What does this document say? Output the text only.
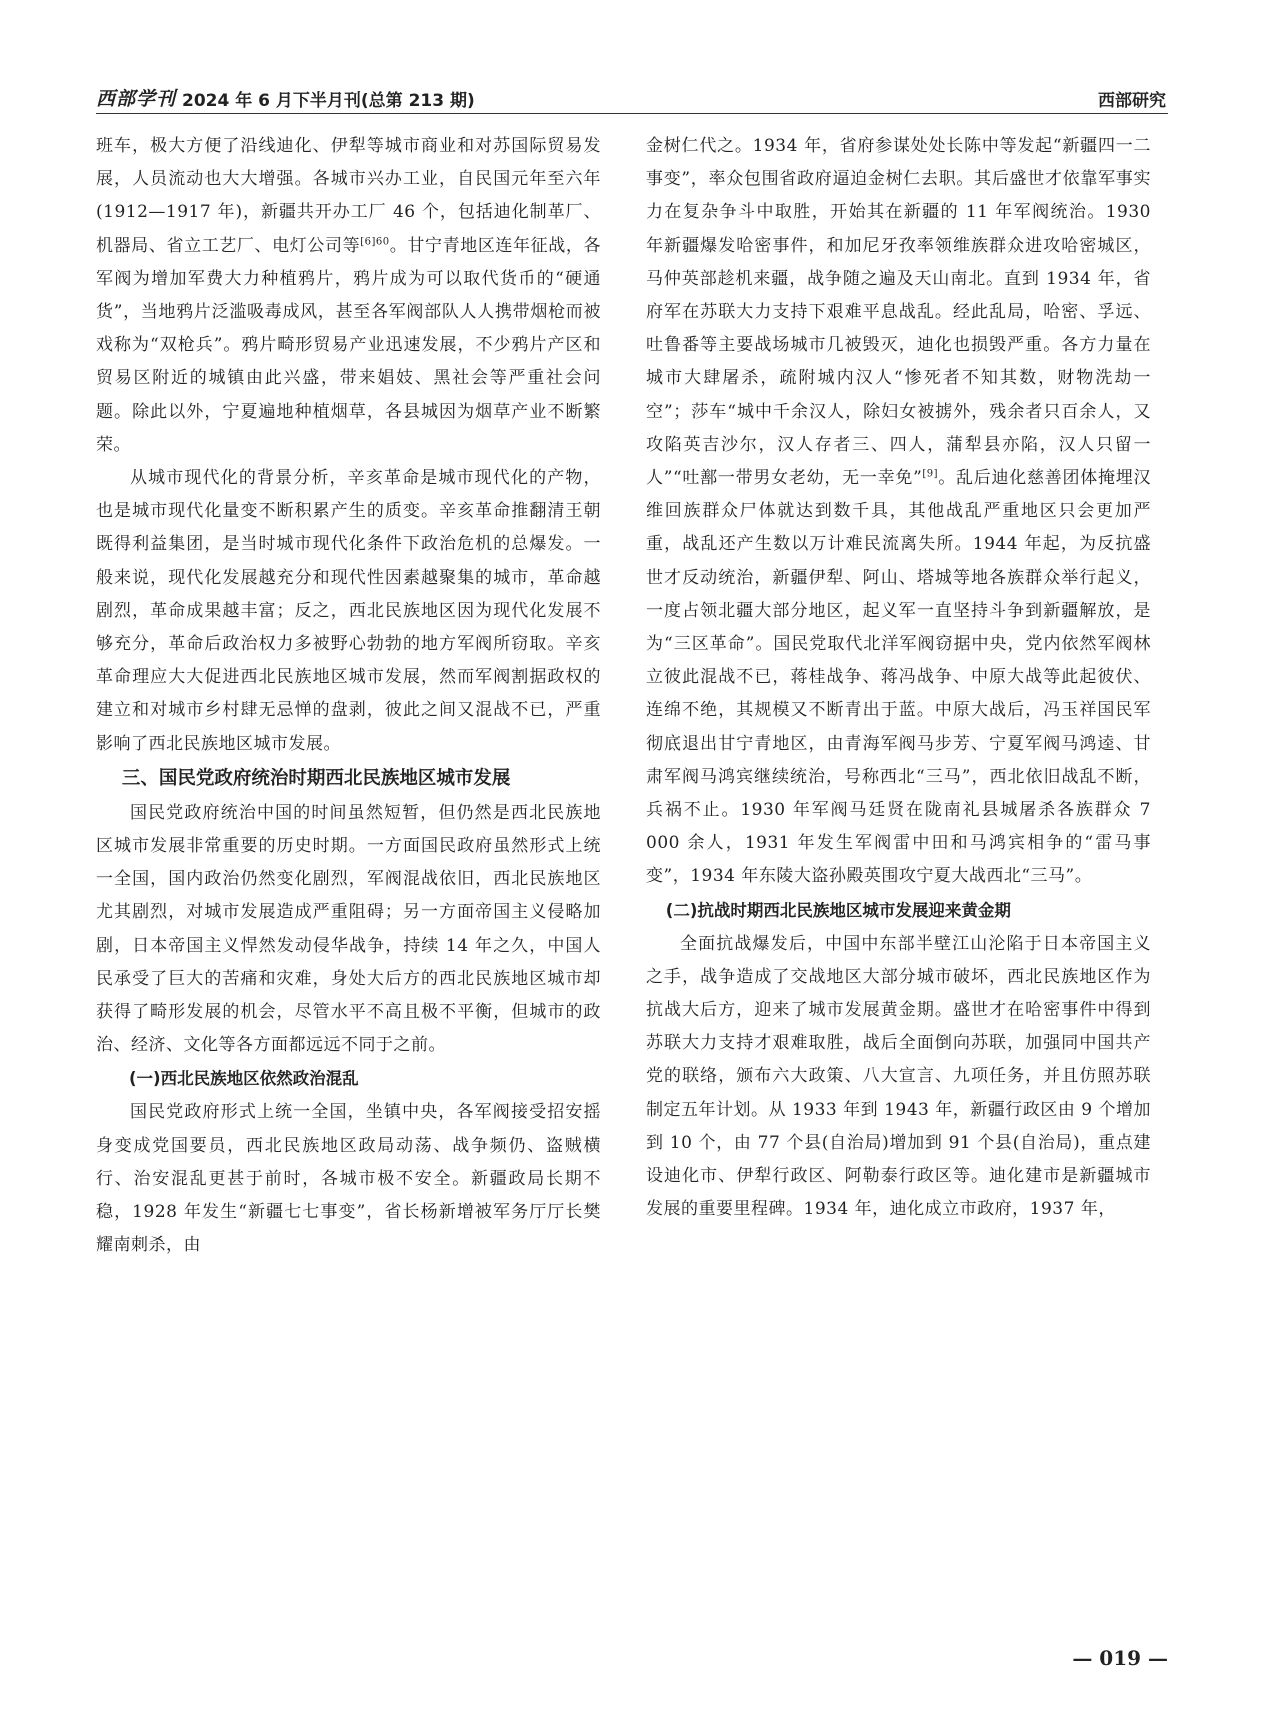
西部学刊 2024 年 6 月下半月刊(总第 213 期)	西部研究

班车，极大方便了沿线迪化、伊犁等城市商业和对苏国际贸易发展，人员流动也大大增强。各城市兴办工业，自民国元年至六年(1912—1917 年)，新疆共开办工厂 46 个，包括迪化制革厂、机器局、省立工艺厂、电灯公司等$^{[6]60}$。甘宁青地区连年征战，各军阀为增加军费大力种植鸦片，鸦片成为可以取代货币的“硬通货”，当地鸦片泛滥吸毒成风，甚至各军阀部队人人携带烟枪而被戏称为“双枪兵”。鸦片畸形贸易产业迅速发展，不少鸦片产区和贸易区附近的城镇由此兴盛，带来娼妓、黑社会等严重社会问题。除此以外，宁夏遍地种植烟草，各县城因为烟草产业不断繁荣。

从城市现代化的背景分析，辛亥革命是城市现代化的产物，也是城市现代化量变不断积累产生的质变。辛亥革命推翻清王朝既得利益集团，是当时城市现代化条件下政治危机的总爆发。一般来说，现代化发展越充分和现代性因素越聚集的城市，革命越剧烈，革命成果越丰富；反之，西北民族地区因为现代化发展不够充分，革命后政治权力多被野心勃勃的地方军阀所窃取。辛亥革命理应大大促进西北民族地区城市发展，然而军阀割据政权的建立和对城市乡村肆无忌惮的盘剥，彼此之间又混战不已，严重影响了西北民族地区城市发展。

三、国民党政府统治时期西北民族地区城市发展

国民党政府统治中国的时间虽然短暂，但仍然是西北民族地区城市发展非常重要的历史时期。一方面国民政府虽然形式上统一全国，国内政治仍然变化剧烈，军阀混战依旧，西北民族地区尤其剧烈，对城市发展造成严重阻碍；另一方面帝国主义侵略加剧，日本帝国主义悍然发动侵华战争，持续 14 年之久，中国人民承受了巨大的苦痛和灾难，身处大后方的西北民族地区城市却获得了畸形发展的机会，尽管水平不高且极不平衡，但城市的政治、经济、文化等各方面都远远不同于之前。

(一)西北民族地区依然政治混乱

国民党政府形式上统一全国，坐镇中央，各军阀接受招安摇身变成党国要员，西北民族地区政局动荡、战争频仍、盗贼横行、治安混乱更甚于前时，各城市极不安全。新疆政局长期不稳，1928 年发生“新疆七七事变”，省长杨新增被军务厅厅长樊耀南刺杀，由

金树仁代之。1934 年，省府参谋处处长陈中等发起“新疆四一二事变”，率众包围省政府逼迫金树仁去职。其后盛世才依靠军事实力在复杂争斗中取胜，开始其在新疆的 11 年军阀统治。1930 年新疆爆发哈密事件，和加尼牙孜率领维族群众进攻哈密城区，马仲英部趁机来疆，战争随之遍及天山南北。直到 1934 年，省府军在苏联大力支持下艰难平息战乱。经此乱局，哈密、孚远、吐鲁番等主要战场城市几被毁灭，迪化也损毁严重。各方力量在城市大肆屠杀，疏附城内汉人“惨死者不知其数，财物洗劫一空”；莎车“城中千余汉人，除妇女被掳外，残余者只百余人，又攻陷英吉沙尔，汉人存者三、四人，蒲犁县亦陷，汉人只留一人”“吐鄯一带男女老幼，无一幸免”[9]。乱后迪化慈善团体掩埋汉维回族群众尸体就达到数千具，其他战乱严重地区只会更加严重，战乱还产生数以万计难民流离失所。1944 年起，为反抗盛世才反动统治，新疆伊犁、阿山、塔城等地各族群众举行起义，一度占领北疆大部分地区，起义军一直坚持斗争到新疆解放，是为“三区革命”。国民党取代北洋军阀窃据中央，党内依然军阀林立彼此混战不已，蒋桂战争、蒋冯战争、中原大战等此起彼伏、连绵不绝，其规模又不断青出于蓝。中原大战后，冯玉祥国民军彻底退出甘宁青地区，由青海军阀马步芳、宁夏军阀马鸿逵、甘肃军阀马鸿宾继续统治，号称西北“三马”，西北依旧战乱不断，兵祸不止。1930 年军阀马廷贤在陇南礼县城屠杀各族群众 7 000 余人，1931 年发生军阀雷中田和马鸿宾相争的“雷马事变”，1934 年东陵大盗孙殿英围攻宁夏大战西北“三马”。

(二)抗战时期西北民族地区城市发展迎来黄金期

全面抗战爆发后，中国中东部半壁江山沦陷于日本帝国主义之手，战争造成了交战地区大部分城市破坏，西北民族地区作为抗战大后方，迎来了城市发展黄金期。盛世才在哈密事件中得到苏联大力支持才艰难取胜，战后全面倒向苏联，加强同中国共产党的联络，颁布六大政策、八大宣言、九项任务，并且仿照苏联制定五年计划。从 1933 年到 1943 年，新疆行政区由 9 个增加到 10 个，由 77 个县(自治局)增加到 91 个县(自治局)，重点建设迪化市、伊犁行政区、阿勒泰行政区等。迪化建市是新疆城市发展的重要里程碑。1934 年，迪化成立市政府，1937 年，

— 019 —
